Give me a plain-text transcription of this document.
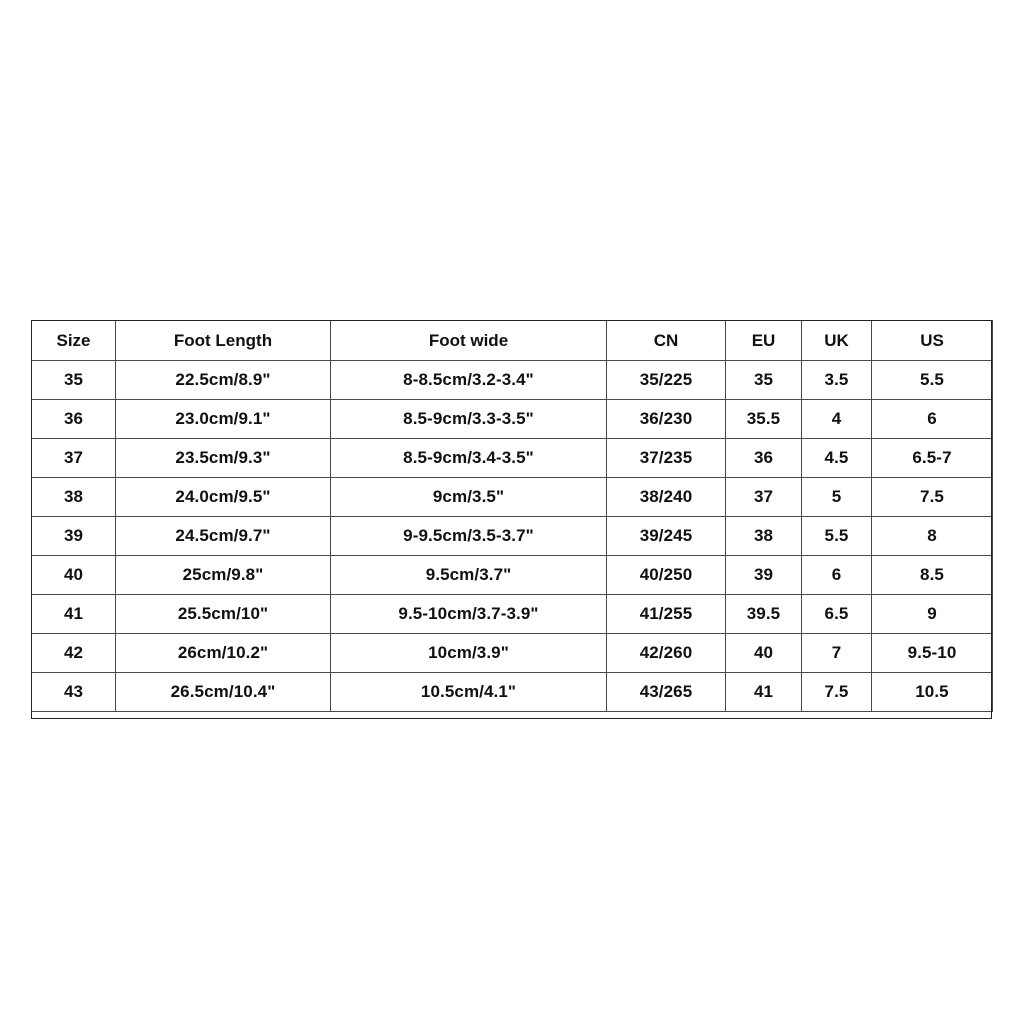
Size	Foot Length	Foot wide	CN	EU	UK	US
35	22.5cm/8.9"	8-8.5cm/3.2-3.4"	35/225	35	3.5	5.5
36	23.0cm/9.1"	8.5-9cm/3.3-3.5"	36/230	35.5	4	6
37	23.5cm/9.3"	8.5-9cm/3.4-3.5"	37/235	36	4.5	6.5-7
38	24.0cm/9.5"	9cm/3.5"	38/240	37	5	7.5
39	24.5cm/9.7"	9-9.5cm/3.5-3.7"	39/245	38	5.5	8
40	25cm/9.8"	9.5cm/3.7"	40/250	39	6	8.5
41	25.5cm/10"	9.5-10cm/3.7-3.9"	41/255	39.5	6.5	9
42	26cm/10.2"	10cm/3.9"	42/260	40	7	9.5-10
43	26.5cm/10.4"	10.5cm/4.1"	43/265	41	7.5	10.5
